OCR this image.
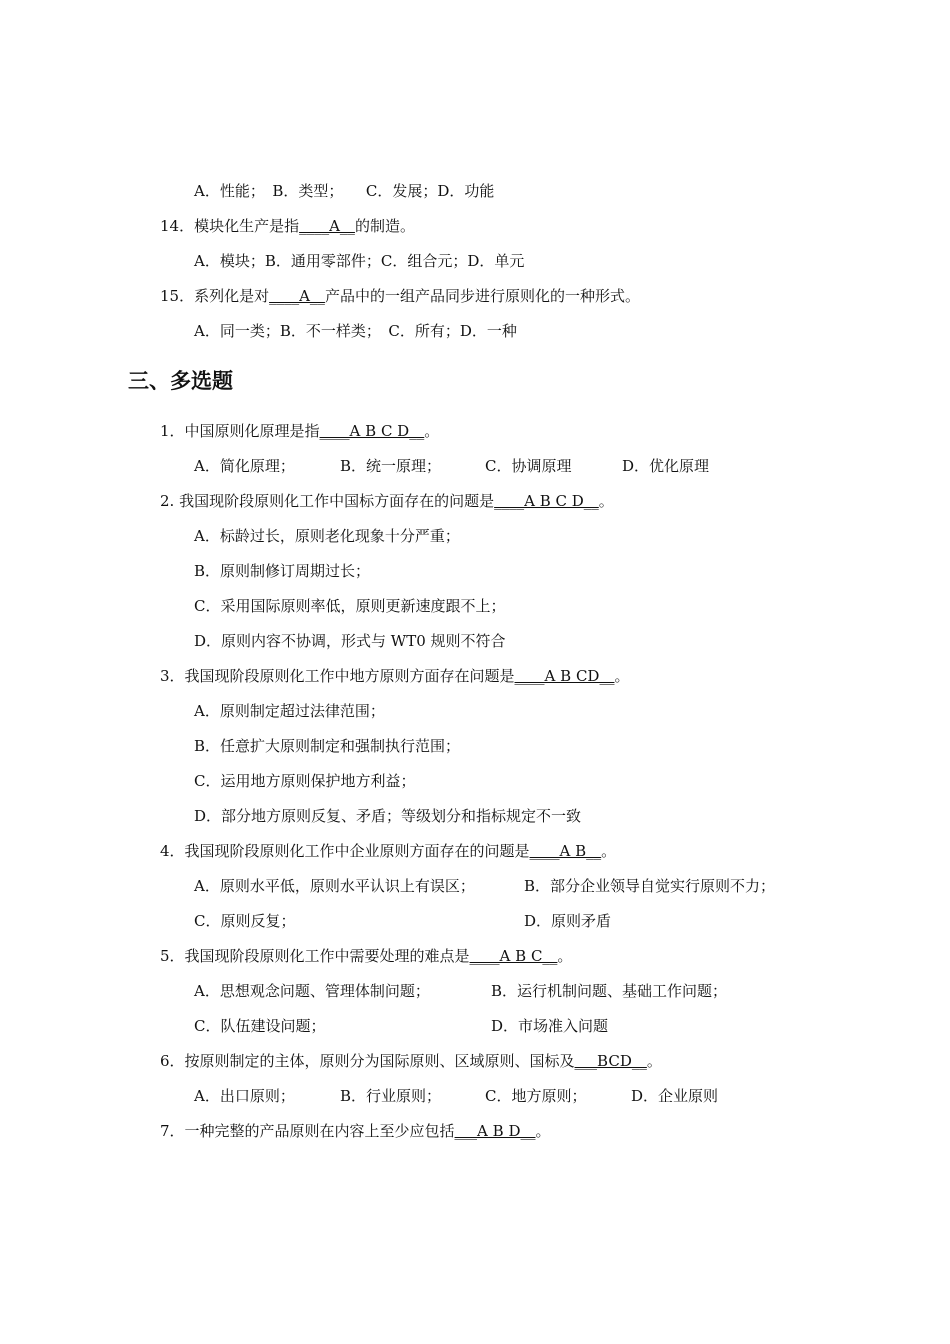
A．性能；　B．类型；　　C．发展；D．功能
14．模块化生产是指____A__的制造。
A．模块；B．通用零部件；C．组合元；D．单元
15．系列化是对____A__产品中的一组产品同步进行原则化的一种形式。
A．同一类；B．不一样类；　C．所有；D．一种
三、多选题
1．中国原则化原理是指____A B C D__。
A．简化原理；	B．统一原理；	C．协调原理	D．优化原理
2. 我国现阶段原则化工作中国标方面存在的问题是____A B C D__。
A．标龄过长，原则老化现象十分严重；
B．原则制修订周期过长；
C．采用国际原则率低，原则更新速度跟不上；
D．原则内容不协调，形式与 WT0 规则不符合
3．我国现阶段原则化工作中地方原则方面存在问题是____A B CD__。
A．原则制定超过法律范围；
B．任意扩大原则制定和强制执行范围；
C．运用地方原则保护地方利益；
D．部分地方原则反复、矛盾；等级划分和指标规定不一致
4．我国现阶段原则化工作中企业原则方面存在的问题是____A B__。
A．原则水平低，原则水平认识上有误区；	B．部分企业领导自觉实行原则不力；
C．原则反复；	D．原则矛盾
5．我国现阶段原则化工作中需要处理的难点是____A B C__。
A．思想观念问题、管理体制问题；	B．运行机制问题、基础工作问题；
C．队伍建设问题；	D．市场准入问题
6．按原则制定的主体，原则分为国际原则、区域原则、国标及___BCD__。
A．出口原则；	B．行业原则；	C．地方原则；	D．企业原则
7．一种完整的产品原则在内容上至少应包括___A B D__。
